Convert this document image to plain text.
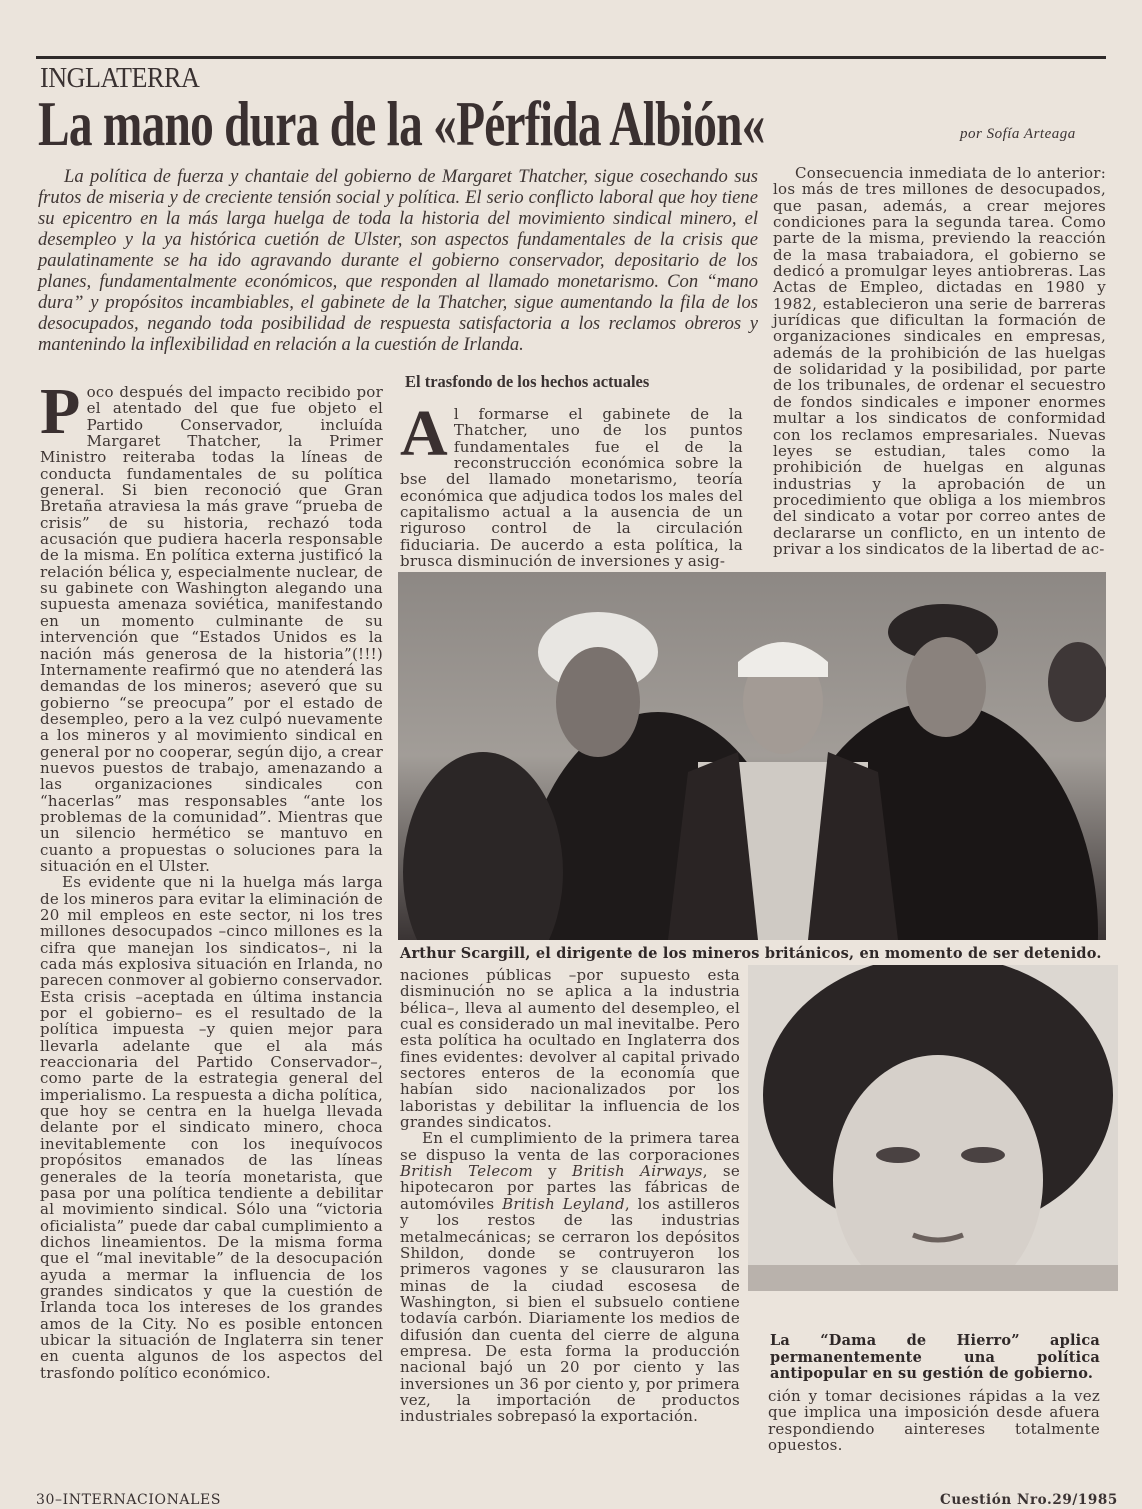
INGLATERRA
La mano dura de la «Pérfida Albión«	por Sofía Arteaga

La política de fuerza y chantaie del gobierno de Margaret Thatcher, sigue cosechando sus frutos de miseria y de creciente tensión social y política. El serio conflicto laboral que hoy tiene su epicentro en la más larga huelga de toda la historia del movimiento sindical minero, el desempleo y la ya histórica cuetión de Ulster, son aspectos fundamentales de la crisis que paulatinamente se ha ido agravando durante el gobierno conservador, depositario de los planes, fundamentalmente económicos, que responden al llamado monetarismo. Con “mano dura” y propósitos incambiables, el gabinete de la Thatcher, sigue aumentando la fila de los desocupados, negando toda posibilidad de respuesta satisfactoria a los reclamos obreros y mantenindo la inflexibilidad en relación a la cuestión de Irlanda.

P oco después del impacto recibido por el atentado del que fue objeto el Partido Conservador, incluída Margaret Thatcher, la Primer Ministro reiteraba todas la líneas de conducta fundamentales de su política general. Si bien reconoció que Gran Bretaña atraviesa la más grave “prueba de crisis” de su historia, rechazó toda acusación que pudiera hacerla responsable de la misma. En política externa justificó la relación bélica y, especialmente nuclear, de su gabinete con Washington alegando una supuesta amenaza soviética, manifestando en un momento culminante de su intervención que “Estados Unidos es la nación más generosa de la historia”(!!!) Internamente reafirmó que no atenderá las demandas de los mineros; aseveró que su gobierno “se preocupa” por el estado de desempleo, pero a la vez culpó nuevamente a los mineros y al movimiento sindical en general por no cooperar, según dijo, a crear nuevos puestos de trabajo, amenazando a las organizaciones sindicales con “hacerlas” mas responsables “ante los problemas de la comunidad”. Mientras que un silencio hermético se mantuvo en cuanto a propuestas o soluciones para la situación en el Ulster.

Es evidente que ni la huelga más larga de los mineros para evitar la eliminación de 20 mil empleos en este sector, ni los tres millones desocupados –cinco millones es la cifra que manejan los sindicatos–, ni la cada más explosiva situación en Irlanda, no parecen conmover al gobierno conservador. Esta crisis –aceptada en última instancia por el gobierno– es el resultado de la política impuesta –y quien mejor para llevarla adelante que el ala más reaccionaria del Partido Conservador–, como parte de la estrategia general del imperialismo. La respuesta a dicha política, que hoy se centra en la huelga llevada delante por el sindicato minero, choca inevitablemente con los inequívocos propósitos emanados de las líneas generales de la teoría monetarista, que pasa por una política tendiente a debilitar al movimiento sindical. Sólo una “victoria oficialista” puede dar cabal cumplimiento a dichos lineamientos. De la misma forma que el “mal inevitable” de la desocupación ayuda a mermar la influencia de los grandes sindicatos y que la cuestión de Irlanda toca los intereses de los grandes amos de la City. No es posible entoncen ubicar la situación de Inglaterra sin tener en cuenta algunos de los aspectos del trasfondo político económico.

El trasfondo de los hechos actuales

A l formarse el gabinete de la Thatcher, uno de los puntos fundamentales fue el de la reconstrucción económica sobre la bse del llamado monetarismo, teoría económica que adjudica todos los males del capitalismo actual a la ausencia de un riguroso control de la circulación fiduciaria. De aucerdo a esta política, la brusca disminución de inversiones y asig-

Consecuencia inmediata de lo anterior: los más de tres millones de desocupados, que pasan, además, a crear mejores condiciones para la segunda tarea. Como parte de la misma, previendo la reacción de la masa trabaiadora, el gobierno se dedicó a promulgar leyes antiobreras. Las Actas de Empleo, dictadas en 1980 y 1982, establecieron una serie de barreras jurídicas que dificultan la formación de organizaciones sindicales en empresas, además de la prohibición de las huelgas de solidaridad y la posibilidad, por parte de los tribunales, de ordenar el secuestro de fondos sindicales e imponer enormes multar a los sindicatos de conformidad con los reclamos empresariales. Nuevas leyes se estudian, tales como la prohibición de huelgas en algunas industrias y la aprobación de un procedimiento que obliga a los miembros del sindicato a votar por correo antes de declararse un conflicto, en un intento de privar a los sindicatos de la libertad de ac-

Arthur Scargill, el dirigente de los mineros británicos, en momento de ser detenido.

naciones públicas –por supuesto esta disminución no se aplica a la industria bélica–, lleva al aumento del desempleo, el cual es considerado un mal inevitalbe. Pero esta política ha ocultado en Inglaterra dos fines evidentes: devolver al capital privado sectores enteros de la economía que habían sido nacionalizados por los laboristas y debilitar la influencia de los grandes sindicatos.

En el cumplimiento de la primera tarea se dispuso la venta de las corporaciones British Telecom y British Airways, se hipotecaron por partes las fábricas de automóviles British Leyland, los astilleros y los restos de las industrias metalmecánicas; se cerraron los depósitos Shildon, donde se contruyeron los primeros vagones y se clausuraron las minas de la ciudad escosesa de Washington, si bien el subsuelo contiene todavía carbón. Diariamente los medios de difusión dan cuenta del cierre de alguna empresa. De esta forma la producción nacional bajó un 20 por ciento y las inversiones un 36 por ciento y, por primera vez, la importación de productos industriales sobrepasó la exportación.

La “Dama de Hierro” aplica permanentemente una política antipopular en su gestión de gobierno.

ción y tomar decisiones rápidas a la vez que implica una imposición desde afuera respondiendo aintereses totalmente opuestos.

30–INTERNACIONALES	Cuestión Nro.29/1985
